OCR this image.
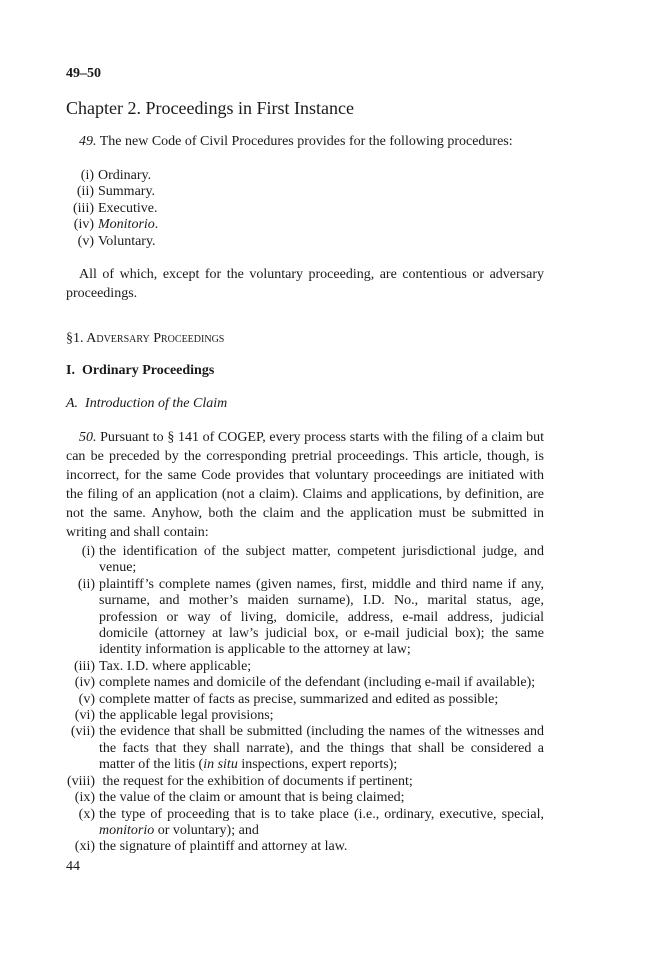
49–50
Chapter 2. Proceedings in First Instance

49. The new Code of Civil Procedures provides for the following procedures:

(i) Ordinary.
(ii) Summary.
(iii) Executive.
(iv) Monitorio.
(v) Voluntary.

All of which, except for the voluntary proceeding, are contentious or adversary proceedings.

§1. Adversary Proceedings
I.  Ordinary Proceedings
A.  Introduction of the Claim

50. Pursuant to § 141 of COGEP, every process starts with the filing of a claim but can be preceded by the corresponding pretrial proceedings. This article, though, is incorrect, for the same Code provides that voluntary proceedings are initiated with the filing of an application (not a claim). Claims and applications, by definition, are not the same. Anyhow, both the claim and the application must be submitted in writing and shall contain:

(i) the identification of the subject matter, competent jurisdictional judge, and venue;
(ii) plaintiff’s complete names (given names, first, middle and third name if any, surname, and mother’s maiden surname), I.D. No., marital status, age, profession or way of living, domicile, address, e-mail address, judicial domicile (attorney at law’s judicial box, or e-mail judicial box); the same identity information is applicable to the attorney at law;
(iii) Tax. I.D. where applicable;
(iv) complete names and domicile of the defendant (including e-mail if available);
(v) complete matter of facts as precise, summarized and edited as possible;
(vi) the applicable legal provisions;
(vii) the evidence that shall be submitted (including the names of the witnesses and the facts that they shall narrate), and the things that shall be considered a matter of the litis (in situ inspections, expert reports);
(viii) the request for the exhibition of documents if pertinent;
(ix) the value of the claim or amount that is being claimed;
(x) the type of proceeding that is to take place (i.e., ordinary, executive, special, monitorio or voluntary); and
(xi) the signature of plaintiff and attorney at law.
44
